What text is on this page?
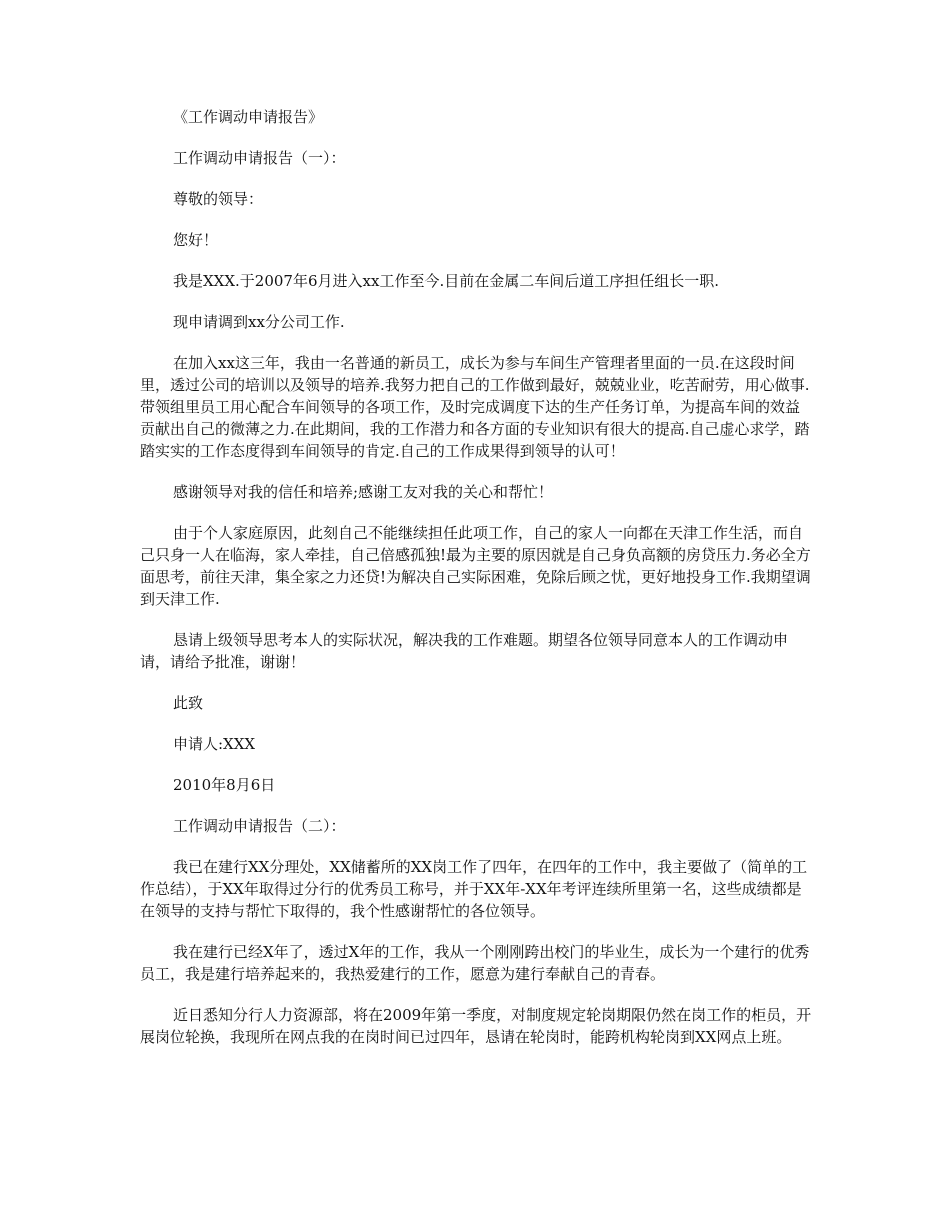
《工作调动申请报告》

工作调动申请报告（一）：

尊敬的领导：

您好！

我是XXX.于2007年6月进入xx工作至今.目前在金属二车间后道工序担任组长一职.

现申请调到xx分公司工作.

在加入xx这三年，我由一名普通的新员工，成长为参与车间生产管理者里面的一员.在这段时间里，透过公司的培训以及领导的培养.我努力把自己的工作做到最好，兢兢业业，吃苦耐劳，用心做事.带领组里员工用心配合车间领导的各项工作，及时完成调度下达的生产任务订单，为提高车间的效益贡献出自己的微薄之力.在此期间，我的工作潜力和各方面的专业知识有很大的提高.自己虚心求学，踏踏实实的工作态度得到车间领导的肯定.自己的工作成果得到领导的认可！

感谢领导对我的信任和培养;感谢工友对我的关心和帮忙！

由于个人家庭原因，此刻自己不能继续担任此项工作，自己的家人一向都在天津工作生活，而自己只身一人在临海，家人牵挂，自己倍感孤独!最为主要的原因就是自己身负高额的房贷压力.务必全方面思考，前往天津，集全家之力还贷!为解决自己实际困难，免除后顾之忧，更好地投身工作.我期望调到天津工作.

恳请上级领导思考本人的实际状况，解决我的工作难题。期望各位领导同意本人的工作调动申请，请给予批准，谢谢！

此致

申请人:XXX

2010年8月6日

工作调动申请报告（二）：

我已在建行XX分理处，XX储蓄所的XX岗工作了四年，在四年的工作中，我主要做了（简单的工作总结），于XX年取得过分行的优秀员工称号，并于XX年-XX年考评连续所里第一名，这些成绩都是在领导的支持与帮忙下取得的，我个性感谢帮忙的各位领导。

我在建行已经X年了，透过X年的工作，我从一个刚刚跨出校门的毕业生，成长为一个建行的优秀员工，我是建行培养起来的，我热爱建行的工作，愿意为建行奉献自己的青春。

近日悉知分行人力资源部，将在2009年第一季度，对制度规定轮岗期限仍然在岗工作的柜员，开展岗位轮换，我现所在网点我的在岗时间已过四年，恳请在轮岗时，能跨机构轮岗到XX网点上班。
